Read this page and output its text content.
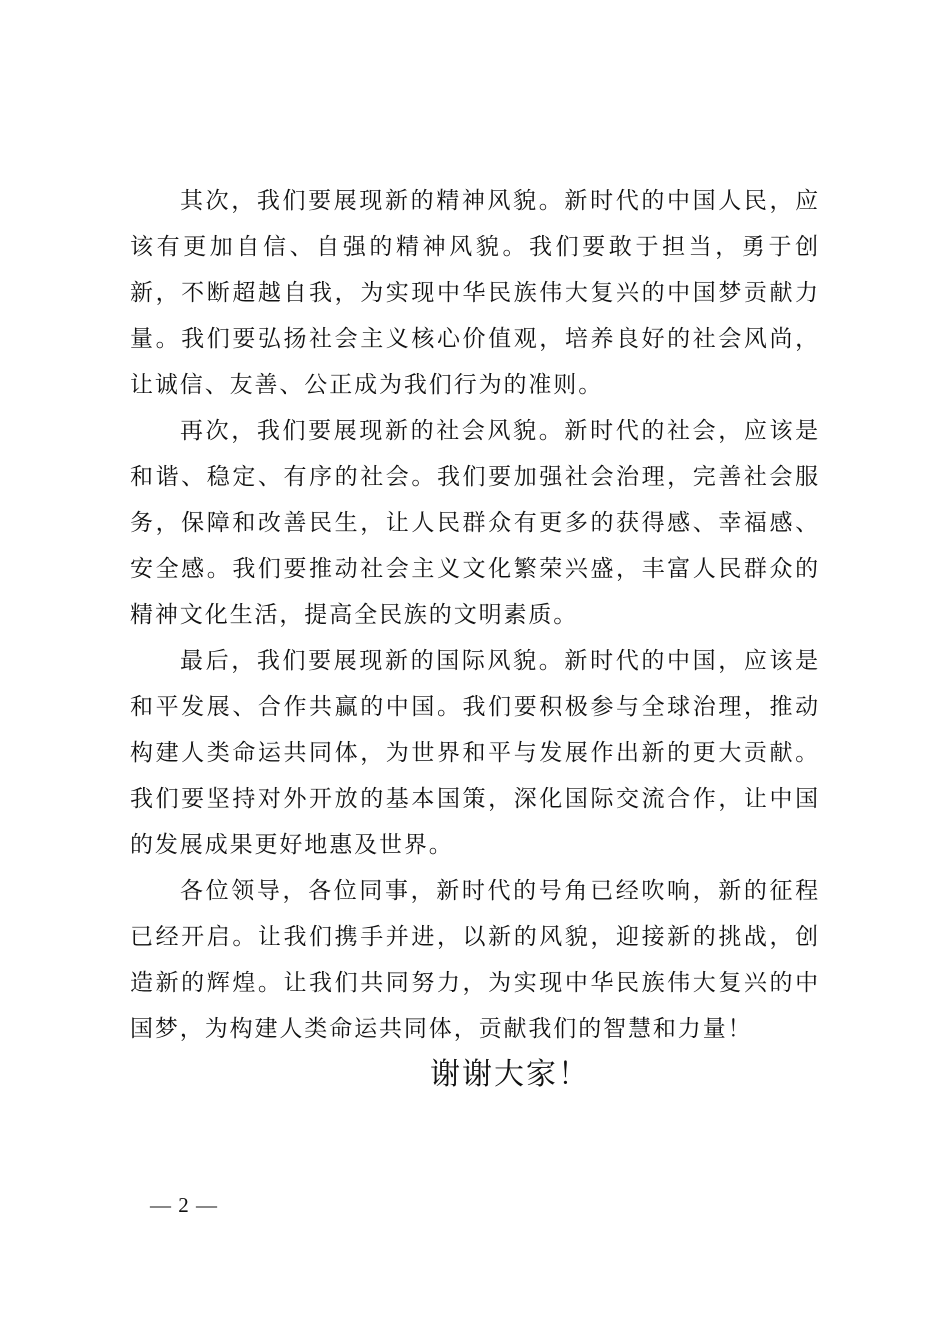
其次，我们要展现新的精神风貌。新时代的中国人民，应该有更加自信、自强的精神风貌。我们要敢于担当，勇于创新，不断超越自我，为实现中华民族伟大复兴的中国梦贡献力量。我们要弘扬社会主义核心价值观，培养良好的社会风尚，让诚信、友善、公正成为我们行为的准则。

再次，我们要展现新的社会风貌。新时代的社会，应该是和谐、稳定、有序的社会。我们要加强社会治理，完善社会服务，保障和改善民生，让人民群众有更多的获得感、幸福感、安全感。我们要推动社会主义文化繁荣兴盛，丰富人民群众的精神文化生活，提高全民族的文明素质。

最后，我们要展现新的国际风貌。新时代的中国，应该是和平发展、合作共赢的中国。我们要积极参与全球治理，推动构建人类命运共同体，为世界和平与发展作出新的更大贡献。我们要坚持对外开放的基本国策，深化国际交流合作，让中国的发展成果更好地惠及世界。

各位领导，各位同事，新时代的号角已经吹响，新的征程已经开启。让我们携手并进，以新的风貌，迎接新的挑战，创造新的辉煌。让我们共同努力，为实现中华民族伟大复兴的中国梦，为构建人类命运共同体，贡献我们的智慧和力量！

谢谢大家！
— 2 —
